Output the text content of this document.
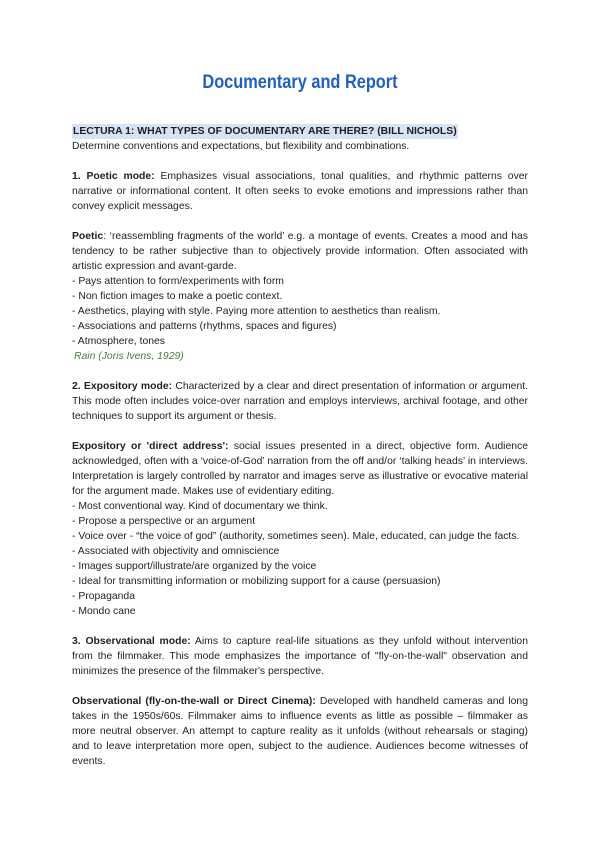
Documentary and Report

LECTURA 1: WHAT TYPES OF DOCUMENTARY ARE THERE? (BILL NICHOLS)

Determine conventions and expectations, but flexibility and combinations.

1. Poetic mode: Emphasizes visual associations, tonal qualities, and rhythmic patterns over narrative or informational content. It often seeks to evoke emotions and impressions rather than convey explicit messages.

Poetic: ‘reassembling fragments of the world’ e.g. a montage of events. Creates a mood and has tendency to be rather subjective than to objectively provide information. Often associated with artistic expression and avant-garde.

- Pays attention to form/experiments with form
- Non fiction images to make a poetic context.
- Aesthetics, playing with style. Paying more attention to aesthetics than realism.
- Associations and patterns (rhythms, spaces and figures)
- Atmosphere, tones

Rain (Joris Ivens, 1929)

2. Expository mode: Characterized by a clear and direct presentation of information or argument. This mode often includes voice-over narration and employs interviews, archival footage, and other techniques to support its argument or thesis.

Expository or 'direct address': social issues presented in a direct, objective form. Audience acknowledged, often with a ‘voice-of-God’ narration from the off and/or ‘talking heads’ in interviews. Interpretation is largely controlled by narrator and images serve as illustrative or evocative material for the argument made. Makes use of evidentiary editing.

- Most conventional way. Kind of documentary we think.
- Propose a perspective or an argument
- Voice over - “the voice of god” (authority, sometimes seen). Male, educated, can judge the facts.
- Associated with objectivity and omniscience
- Images support/illustrate/are organized by the voice
- Ideal for transmitting information or mobilizing support for a cause (persuasion)
- Propaganda
- Mondo cane

3. Observational mode: Aims to capture real-life situations as they unfold without intervention from the filmmaker. This mode emphasizes the importance of "fly-on-the-wall" observation and minimizes the presence of the filmmaker's perspective.

Observational (fly-on-the-wall or Direct Cinema): Developed with handheld cameras and long takes in the 1950s/60s. Filmmaker aims to influence events as little as possible – filmmaker as more neutral observer. An attempt to capture reality as it unfolds (without rehearsals or staging) and to leave interpretation more open, subject to the audience. Audiences become witnesses of events.
